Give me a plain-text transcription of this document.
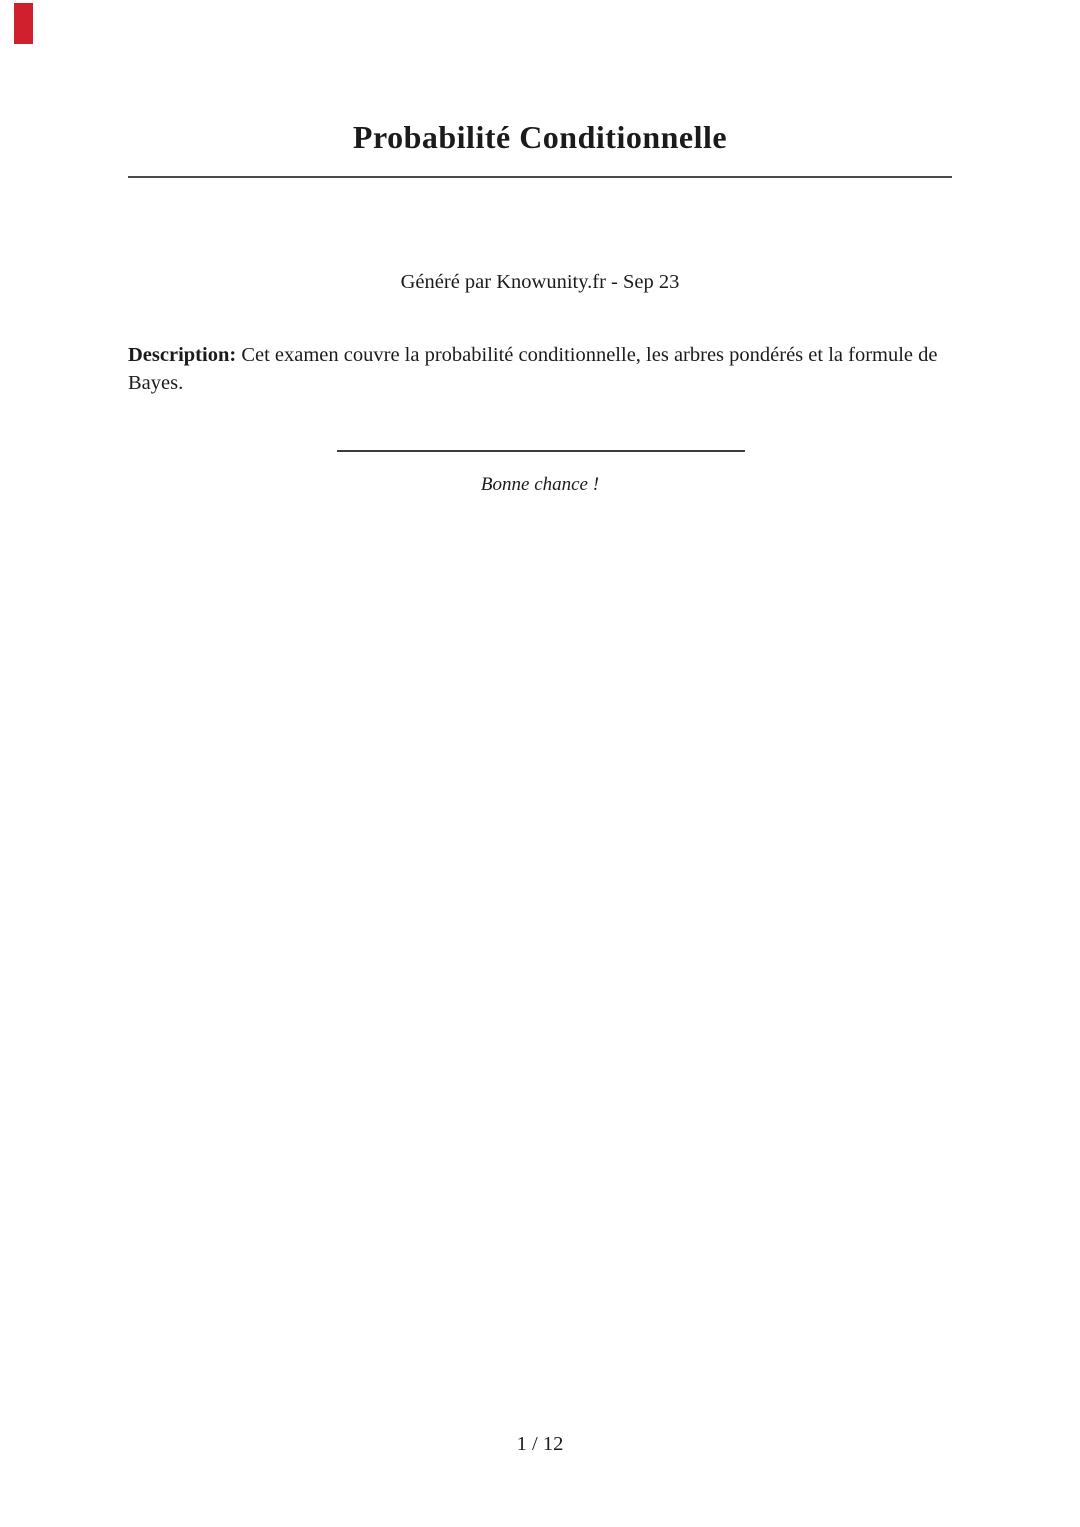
Probabilité Conditionnelle
Généré par Knowunity.fr - Sep 23
Description: Cet examen couvre la probabilité conditionnelle, les arbres pondérés et la formule de
Bayes.
Bonne chance !
1 / 12
